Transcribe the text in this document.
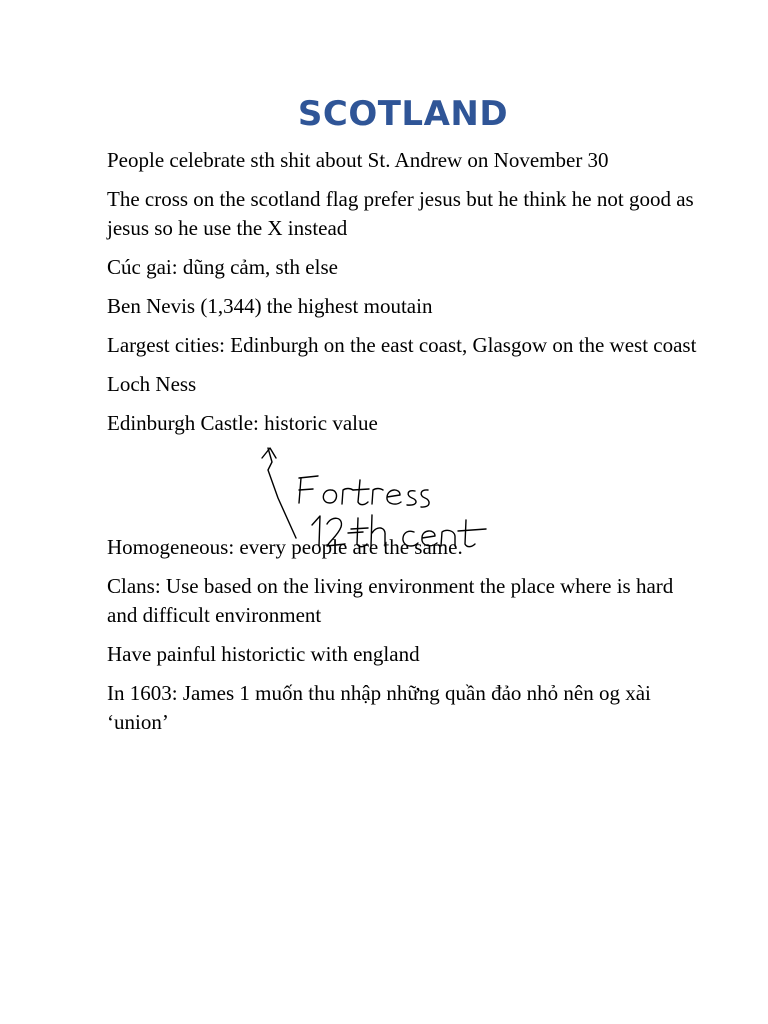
SCOTLAND

People celebrate sth shit about St. Andrew on November 30

The cross on the scotland flag prefer jesus but he think he not good as jesus so he use the X instead

Cúc gai: dũng cảm, sth else

Ben Nevis (1,344) the highest moutain

Largest cities: Edinburgh on the east coast, Glasgow on the west coast

Loch Ness

Edinburgh Castle: historic value

Homogeneous: every people are the same.

Clans: Use based on the living environment the place where is hard and difficult environment

Have painful historictic with england

In 1603: James 1 muốn thu nhập những quần đảo nhỏ nên og xài ‘union’
